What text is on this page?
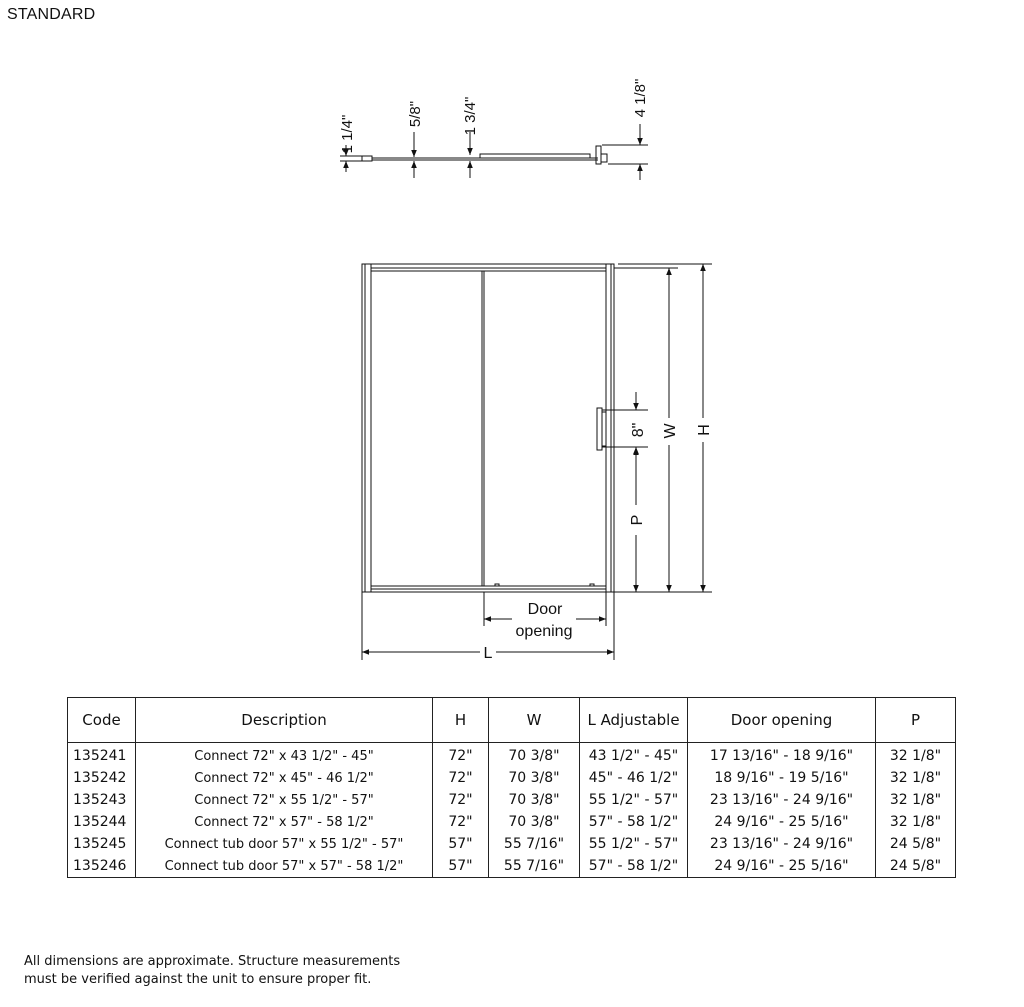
STANDARD
1 1/4"
5/8"	1 3/4"	4 1/8"
8"
P
W H
Door
opening
L
Code	Description	H	W	L Adjustable	Door opening	P
135241	Connect 72" x 43 1/2" - 45"	72"	70 3/8"	43 1/2" - 45"	17 13/16" - 18 9/16"	32 1/8"
135242	Connect 72" x 45" - 46 1/2"	72"	70 3/8"	45" - 46 1/2"	18 9/16" - 19 5/16"	32 1/8"
135243	Connect 72" x 55 1/2" - 57"	72"	70 3/8"	55 1/2" - 57"	23 13/16" - 24 9/16"	32 1/8"
135244	Connect 72" x 57" - 58 1/2"	72"	70 3/8"	57" - 58 1/2"	24 9/16" - 25 5/16"	32 1/8"
135245	Connect tub door 57" x 55 1/2" - 57"	57"	55 7/16"	55 1/2" - 57"	23 13/16" - 24 9/16"	24 5/8"
135246	Connect tub door 57" x 57" - 58 1/2"	57"	55 7/16"	57" - 58 1/2"	24 9/16" - 25 5/16"	24 5/8"
All dimensions are approximate. Structure measurements
must be verified against the unit to ensure proper fit.
